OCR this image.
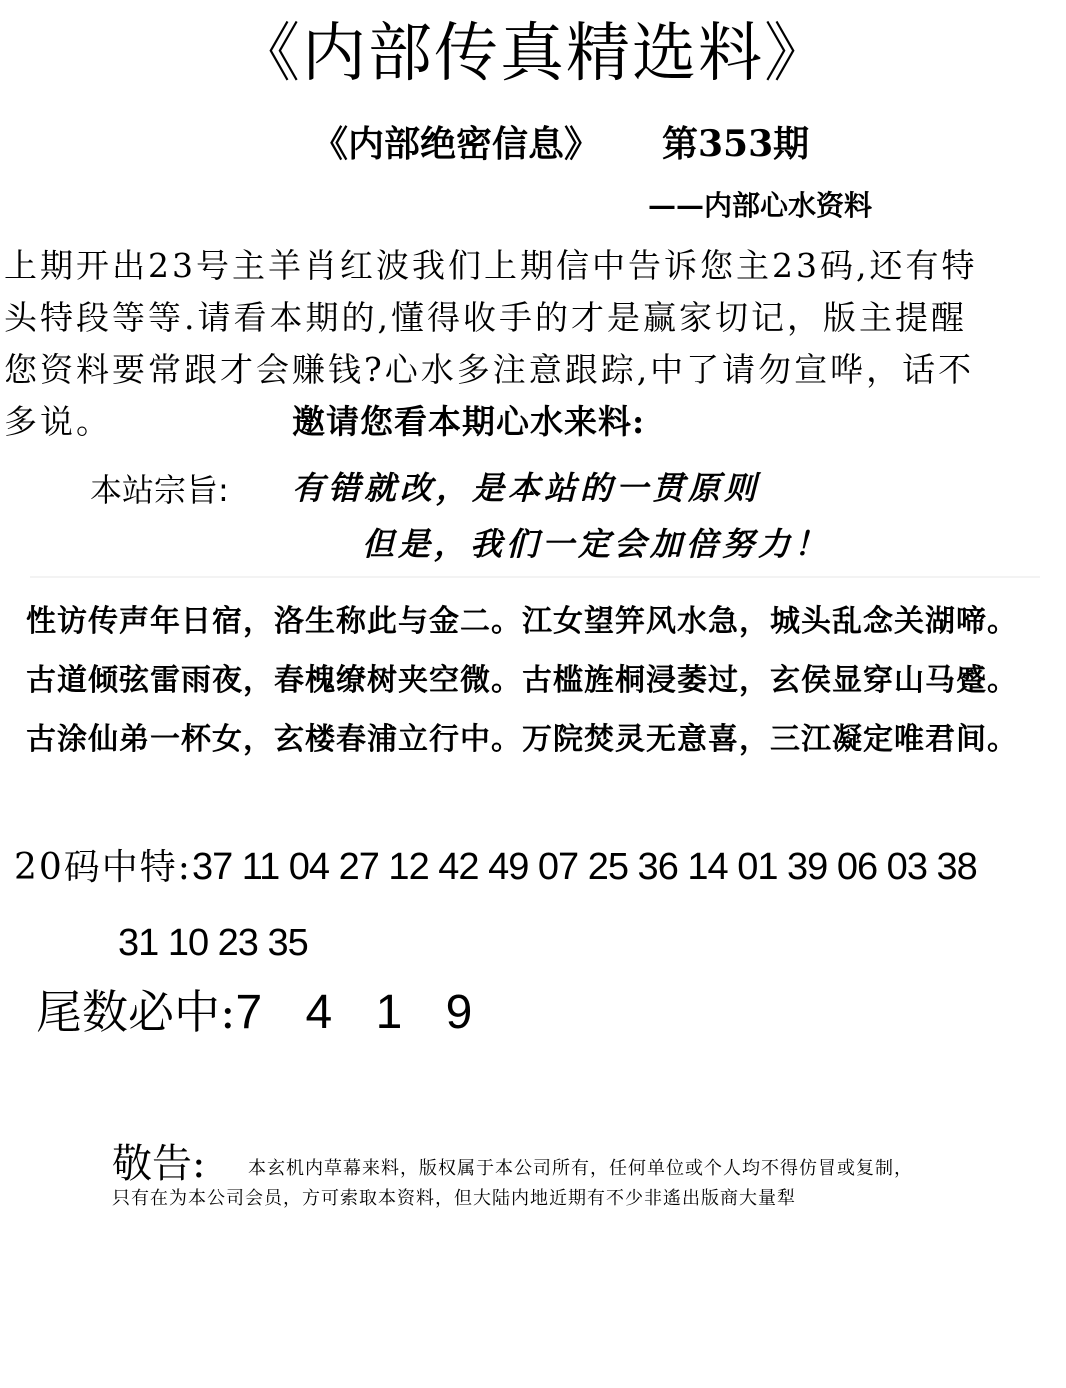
《内部传真精选料》
《内部绝密信息》 第353期
——内部心水资料
上期开出23号主羊肖红波我们上期信中告诉您主23码,还有特
头特段等等.请看本期的,懂得收手的才是赢家切记，版主提醒
您资料要常跟才会赚钱?心水多注意跟踪,中了请勿宣哗，话不
多说。	邀请您看本期心水来料:
本站宗旨: 有错就改，是本站的一贯原则
但是，我们一定会加倍努力！
性访传声年日宿，洛生称此与金二。江女望笄风水急，城头乱念关湖啼。
古道倾弦雷雨夜，春槐缭树夹空微。古槛旌桐浸萎过，玄侯显穿山马蹙。
古涂仙弟一杯女，玄楼春浦立行中。万院焚灵无意喜，三江凝定唯君间。
20码中特:37 11 04 27 12 42 49 07 25 36 14 01 39 06 03 38
31 10 23 35
尾数必中:7 4 1 9
敬告: 本玄机内草幕来料，版权属于本公司所有，任何单位或个人均不得仿冒或复制，
只有在为本公司会员，方可索取本资料，但大陆内地近期有不少非遙出版商大量犁
